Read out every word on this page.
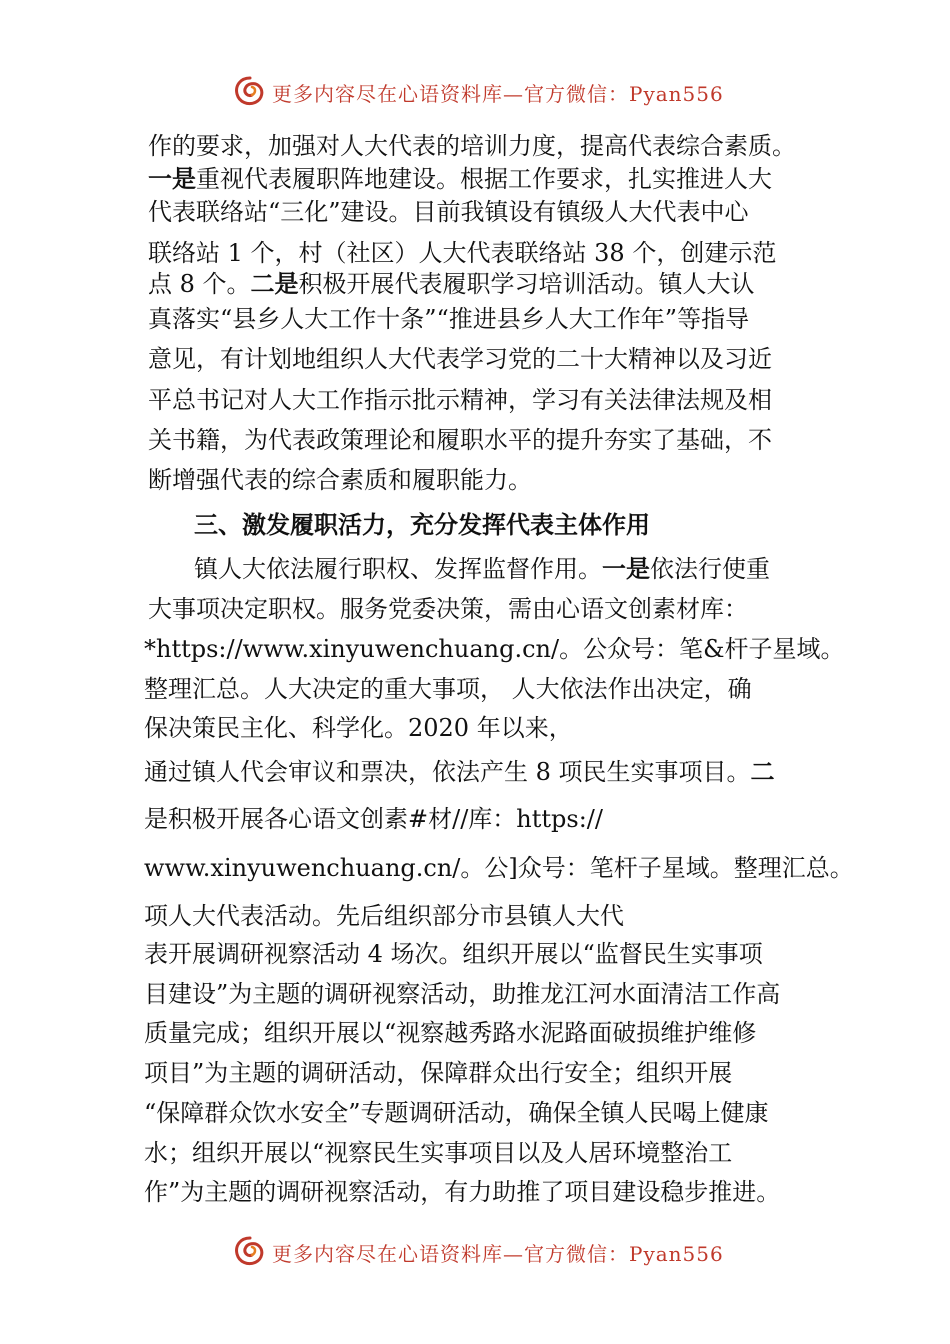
更多内容尽在心语资料库—官方微信：Pyan556
作的要求，加强对人大代表的培训力度，提高代表综合素质。
一是重视代表履职阵地建设。根据工作要求，扎实推进人大
代表联络站“三化”建设。目前我镇设有镇级人大代表中心
联络站 1 个，村（社区）人大代表联络站 38 个，创建示范
点 8 个。二是积极开展代表履职学习培训活动。镇人大认
真落实“县乡人大工作十条”“推进县乡人大工作年”等指导
意见，有计划地组织人大代表学习党的二十大精神以及习近
平总书记对人大工作指示批示精神，学习有关法律法规及相
关书籍，为代表政策理论和履职水平的提升夯实了基础，不
断增强代表的综合素质和履职能力。
三、激发履职活力，充分发挥代表主体作用
镇人大依法履行职权、发挥监督作用。一是依法行使重
大事项决定职权。服务党委决策，需由心语文创素材库：
*https://www.xinyuwenchuang.cn/。公众号：笔&杆子星域。
整理汇总。人大决定的重大事项， 人大依法作出决定，确
保决策民主化、科学化。2020 年以来，
通过镇人代会审议和票决，依法产生 8 项民生实事项目。二
是积极开展各心语文创素#材//库：https://
www.xinyuwenchuang.cn/。公]众号：笔杆子星域。整理汇总。
项人大代表活动。先后组织部分市县镇人大代
表开展调研视察活动 4 场次。组织开展以“监督民生实事项
目建设”为主题的调研视察活动，助推龙江河水面清洁工作高
质量完成；组织开展以“视察越秀路水泥路面破损维护维修
项目”为主题的调研活动，保障群众出行安全；组织开展
“保障群众饮水安全”专题调研活动，确保全镇人民喝上健康
水；组织开展以“视察民生实事项目以及人居环境整治工
作”为主题的调研视察活动，有力助推了项目建设稳步推进。
更多内容尽在心语资料库—官方微信：Pyan556
